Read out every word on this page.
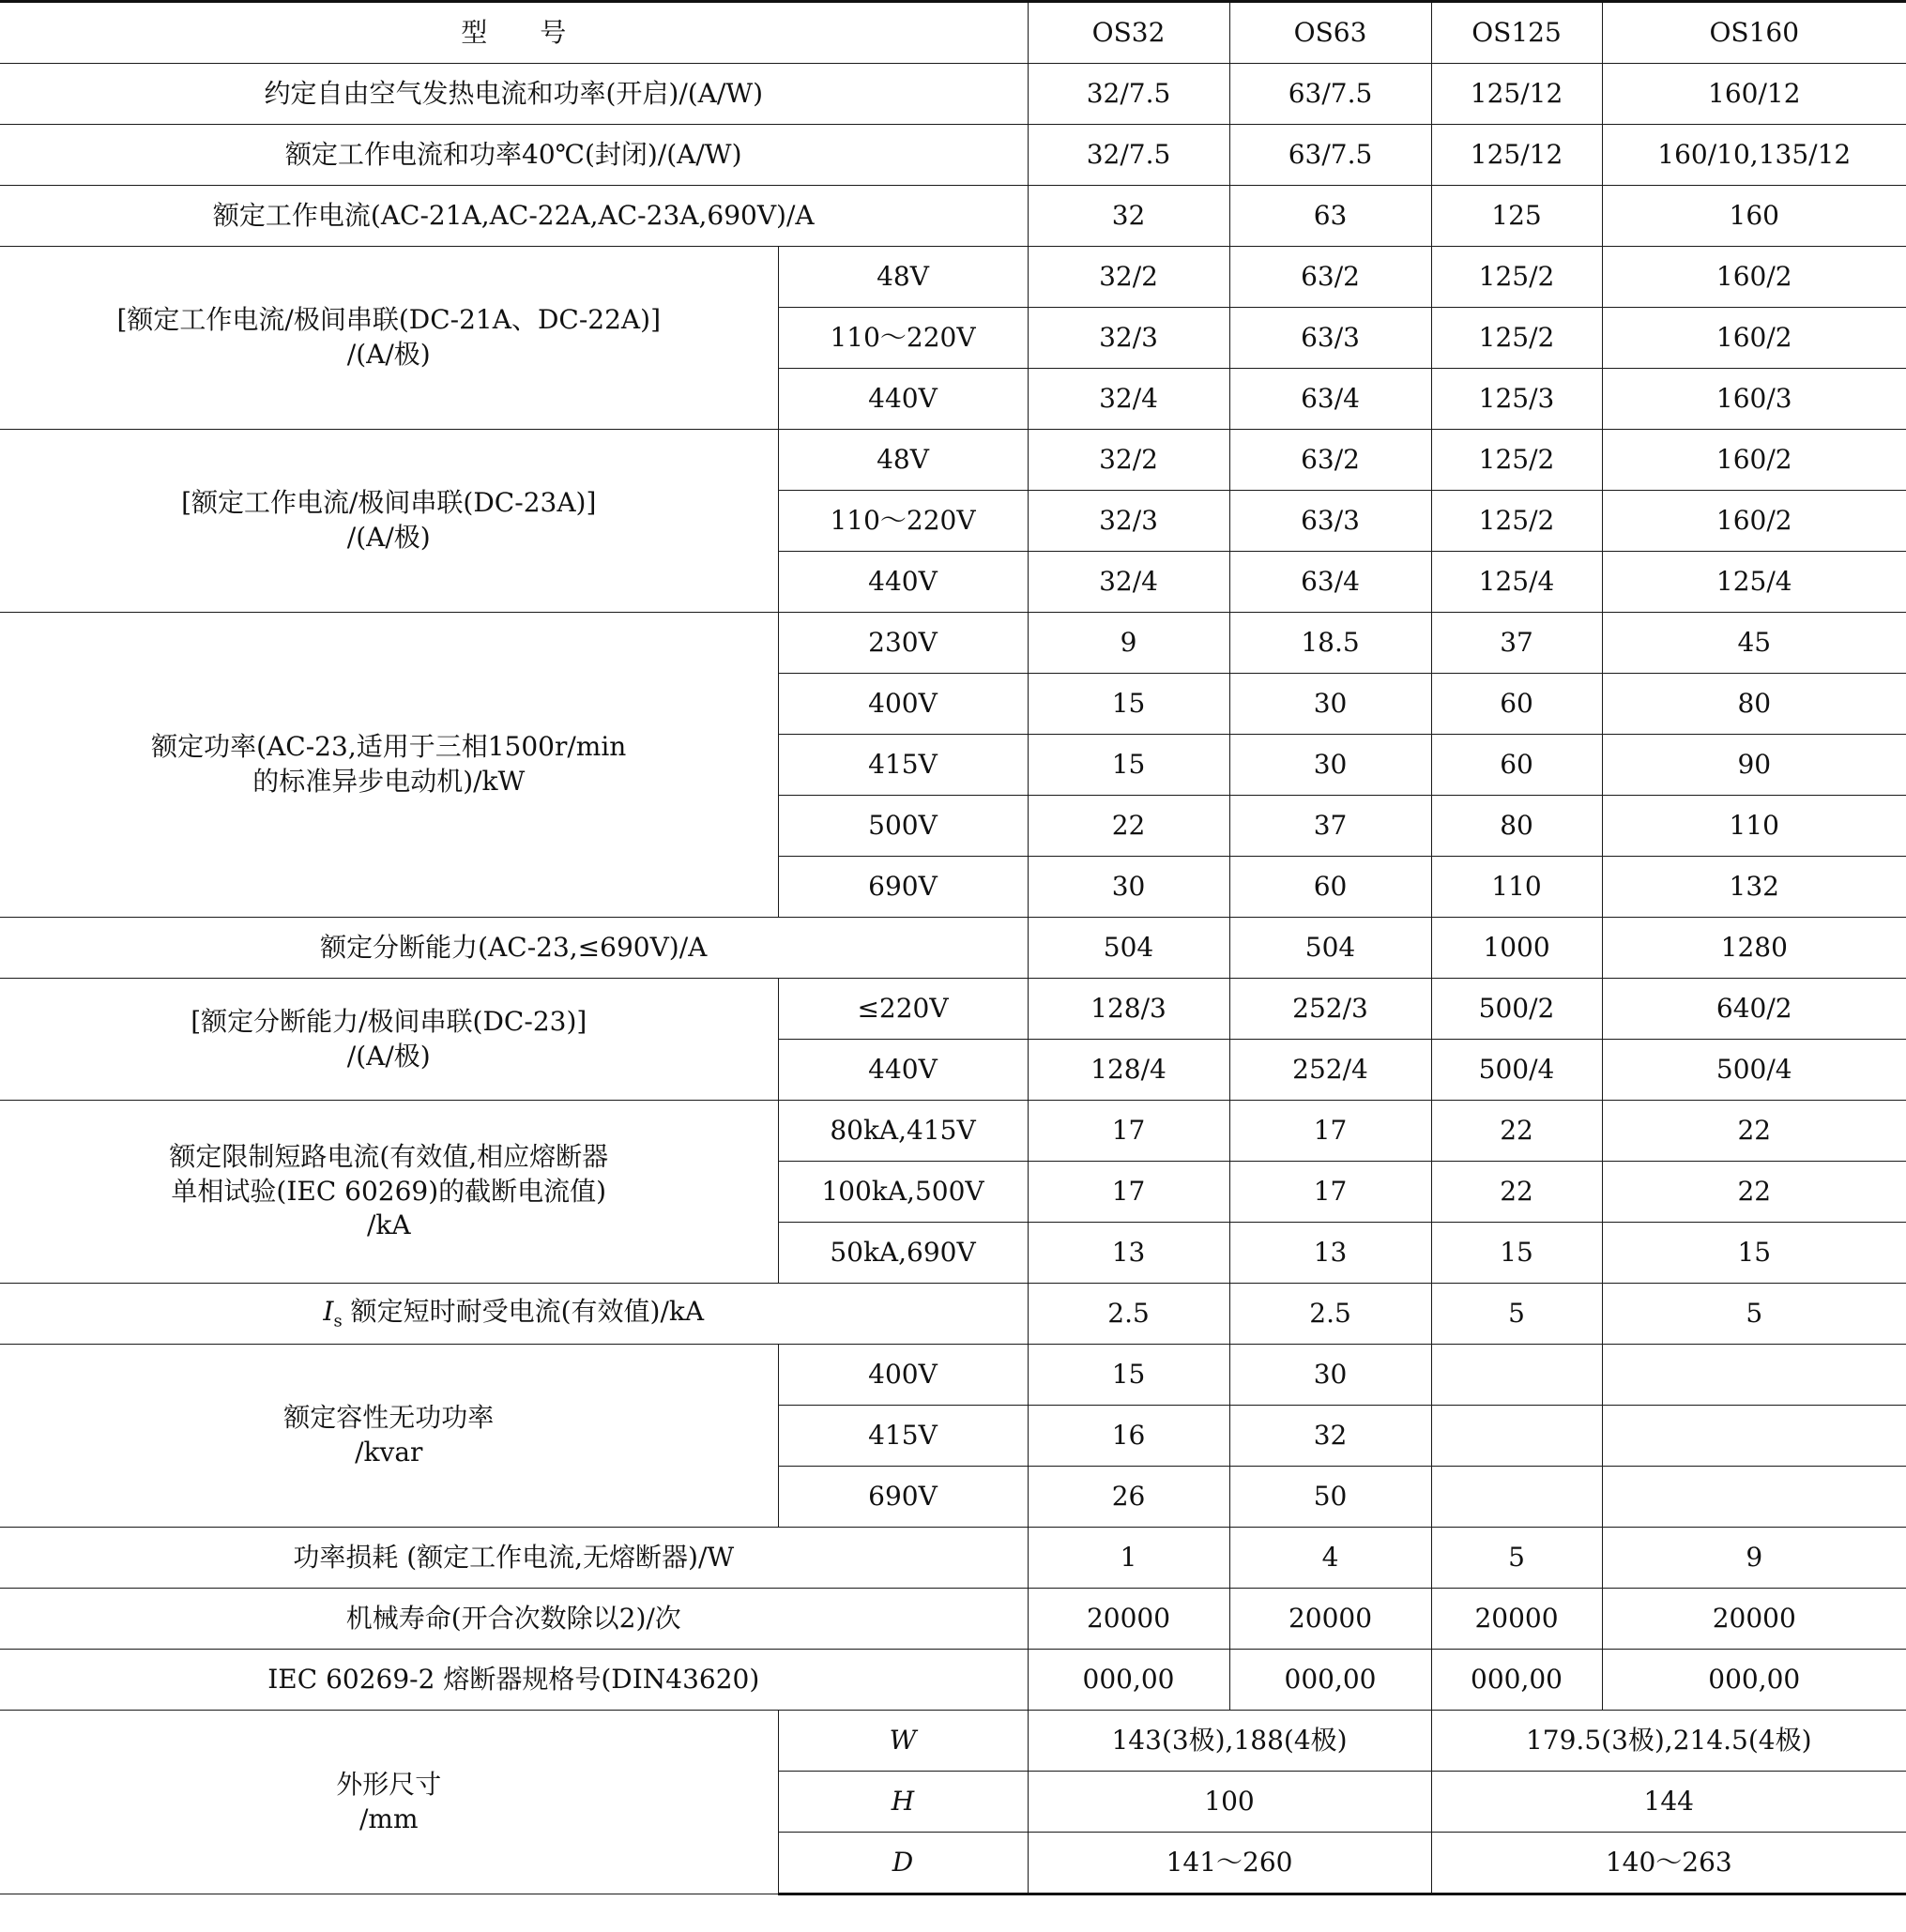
型　　号		OS32	OS63	OS125	OS160
约定自由空气发热电流和功率(开启)/(A/W)		32/7.5	63/7.5	125/12	160/12
额定工作电流和功率40℃(封闭)/(A/W)		32/7.5	63/7.5	125/12	160/10,135/12
额定工作电流(AC-21A,AC-22A,AC-23A,690V)/A		32	63	125	160

[额定工作电流/极间串联(DC-21A、DC-22A)]
/(A/极)	48V	32/2	63/2	125/2	160/2
	110～220V	32/3	63/3	125/2	160/2
	440V	32/4	63/4	125/3	160/3

[额定工作电流/极间串联(DC-23A)]
/(A/极)	48V	32/2	63/2	125/2	160/2
	110～220V	32/3	63/3	125/2	160/2
	440V	32/4	63/4	125/4	125/4

额定功率(AC-23,适用于三相1500r/min
的标准异步电动机)/kW	230V	9	18.5	37	45
	400V	15	30	60	80
	415V	15	30	60	90
	500V	22	37	80	110
	690V	30	60	110	132
额定分断能力(AC-23,≤690V)/A		504	504	1000	1280

[额定分断能力/极间串联(DC-23)]
/(A/极)	≤220V	128/3	252/3	500/2	640/2
	440V	128/4	252/4	500/4	500/4

额定限制短路电流(有效值,相应熔断器
单相试验(IEC 60269)的截断电流值)
/kA	80kA,415V	17	17	22	22
	100kA,500V	17	17	22	22
	50kA,690V	13	13	15	15
$I_s$ 额定短时耐受电流(有效值)/kA		2.5	2.5	5	5

额定容性无功功率
/kvar	400V	15	30		
	415V	16	32		
	690V	26	50		
功率损耗 (额定工作电流,无熔断器)/W		1	4	5	9
机械寿命(开合次数除以2)/次		20000	20000	20000	20000
IEC 60269-2 熔断器规格号(DIN43620)		000,00	000,00	000,00	000,00

外形尺寸
/mm	W	143(3极),188(4极)		179.5(3极),214.5(4极)	
	H	100		144	
	D	141～260		140～263	
